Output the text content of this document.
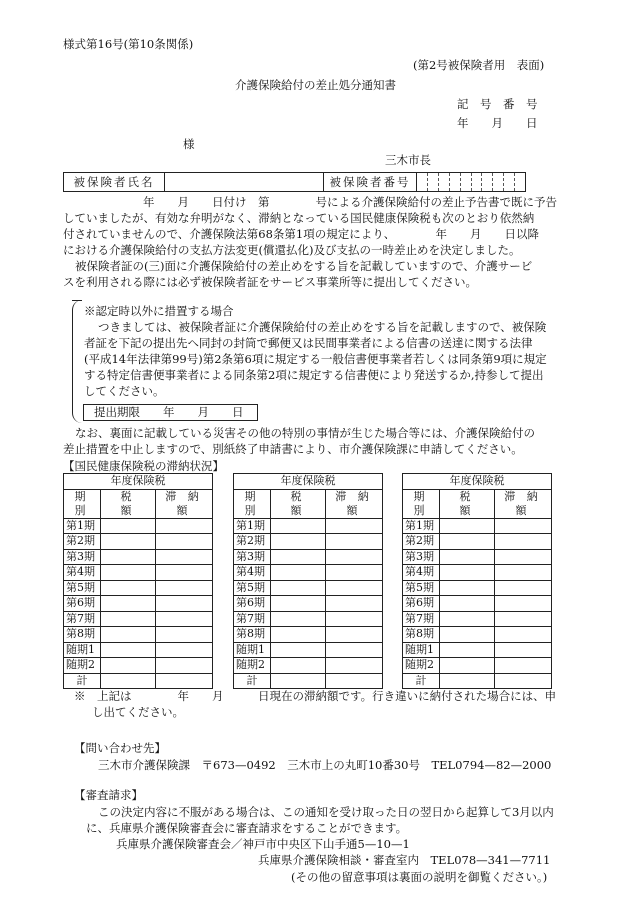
様式第16号(第10条関係)
(第2号被保険者用　表面)
介護保険給付の差止処分通知書
記　号　番　号
年　　月　　日
様
三木市長
被保険者氏名	被保険者番号

年　　月　　日付け　第　　　　号による介護保険給付の差止予告書で既に予告

していましたが、有効な弁明がなく、滞納となっている国民健康保険税も次のとおり依然納

付されていませんので、介護保険法第68条第1項の規定により、　　　　年　　月　　日以降

における介護保険給付の支払方法変更(償還払化)及び支払の一時差止めを決定しました。

被保険者証の(三)面に介護保険給付の差止めをする旨を記載していますので、介護サービ

スを利用される際には必ず被保険者証をサービス事業所等に提出してください。

※認定時以外に措置する場合

つきましては、被保険者証に介護保険給付の差止めをする旨を記載しますので、被保険

者証を下記の提出先へ同封の封筒で郵便又は民間事業者による信書の送達に関する法律

(平成14年法律第99号)第2条第6項に規定する一般信書便事業者若しくは同条第9項に規定

する特定信書便事業者による同条第2項に規定する信書便により発送するか,持参して提出

してください。

提出期限　　年　　月　　日

なお、裏面に記載している災害その他の特別の事情が生じた場合等には、介護保険給付の

差止措置を中止しますので、別紙終了申請書により、市介護保険課に申請してください。

【国民健康保険税の滞納状況】
年度保険税		
期　別	税　　額	滞 納 額
第1期		
第2期		
第3期		
第4期		
第5期		
第6期		
第7期		
第8期		
随期1		
随期2		
計		
年度保険税		
期　別	税　　額	滞 納 額
第1期		
第2期		
第3期		
第4期		
第5期		
第6期		
第7期		
第8期		
随期1		
随期2		
計		
年度保険税		
期　別	税　　額	滞 納 額
第1期		
第2期		
第3期		
第4期		
第5期		
第6期		
第7期		
第8期		
随期1		
随期2		
計		

※　上記は　　　　年　　月　　　日現在の滞納額です。行き違いに納付された場合には、申

し出てください。

【問い合わせ先】
三木市介護保険課　〒673—0492　三木市上の丸町10番30号　TEL0794—82—2000
【審査請求】
この決定内容に不服がある場合は、この通知を受け取った日の翌日から起算して3月以内
に、兵庫県介護保険審査会に審査請求をすることができます。
兵庫県介護保険審査会／神戸市中央区下山手通5—10—1
兵庫県介護保険相談・審査室内　TEL078—341—7711
(その他の留意事項は裏面の説明を御覧ください。)
